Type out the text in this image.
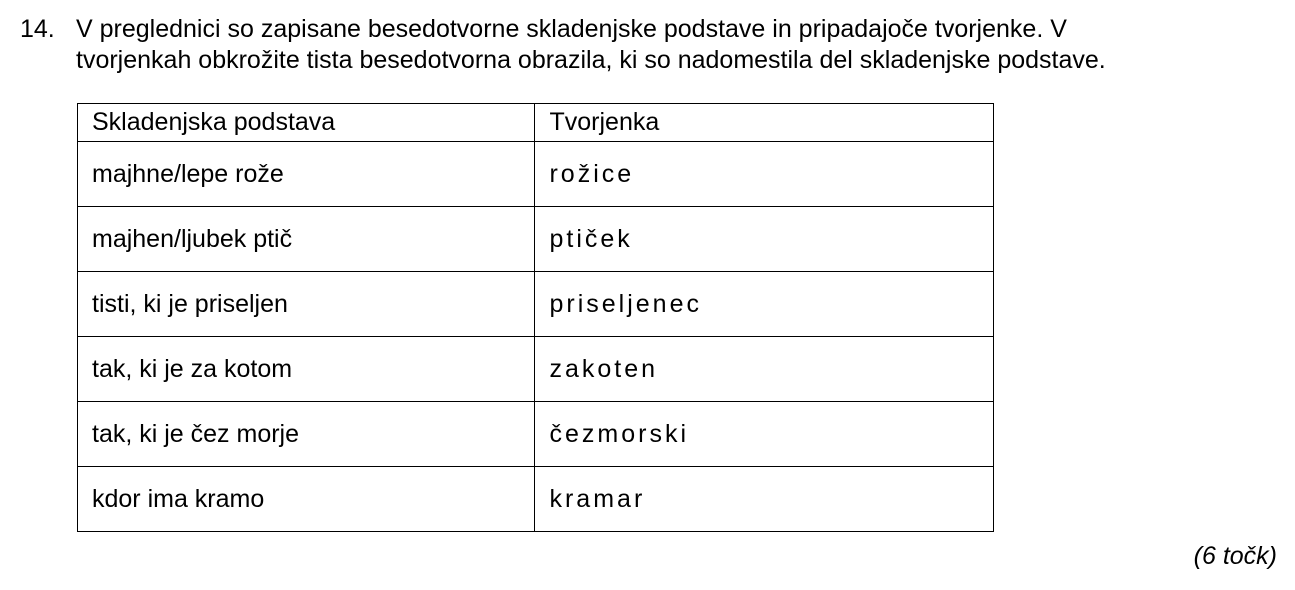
14. V preglednici so zapisane besedotvorne skladenjske podstave in pripadajoče tvorjenke. V
tvorjenkah obkrožite tista besedotvorna obrazila, ki so nadomestila del skladenjske podstave.
Skladenjska podstava	Tvorjenka
majhne/lepe rože	rožice
majhen/ljubek ptič	ptiček
tisti, ki je priseljen	priseljenec
tak, ki je za kotom	zakoten
tak, ki je čez morje	čezmorski
kdor ima kramo	kramar
(6 točk)
